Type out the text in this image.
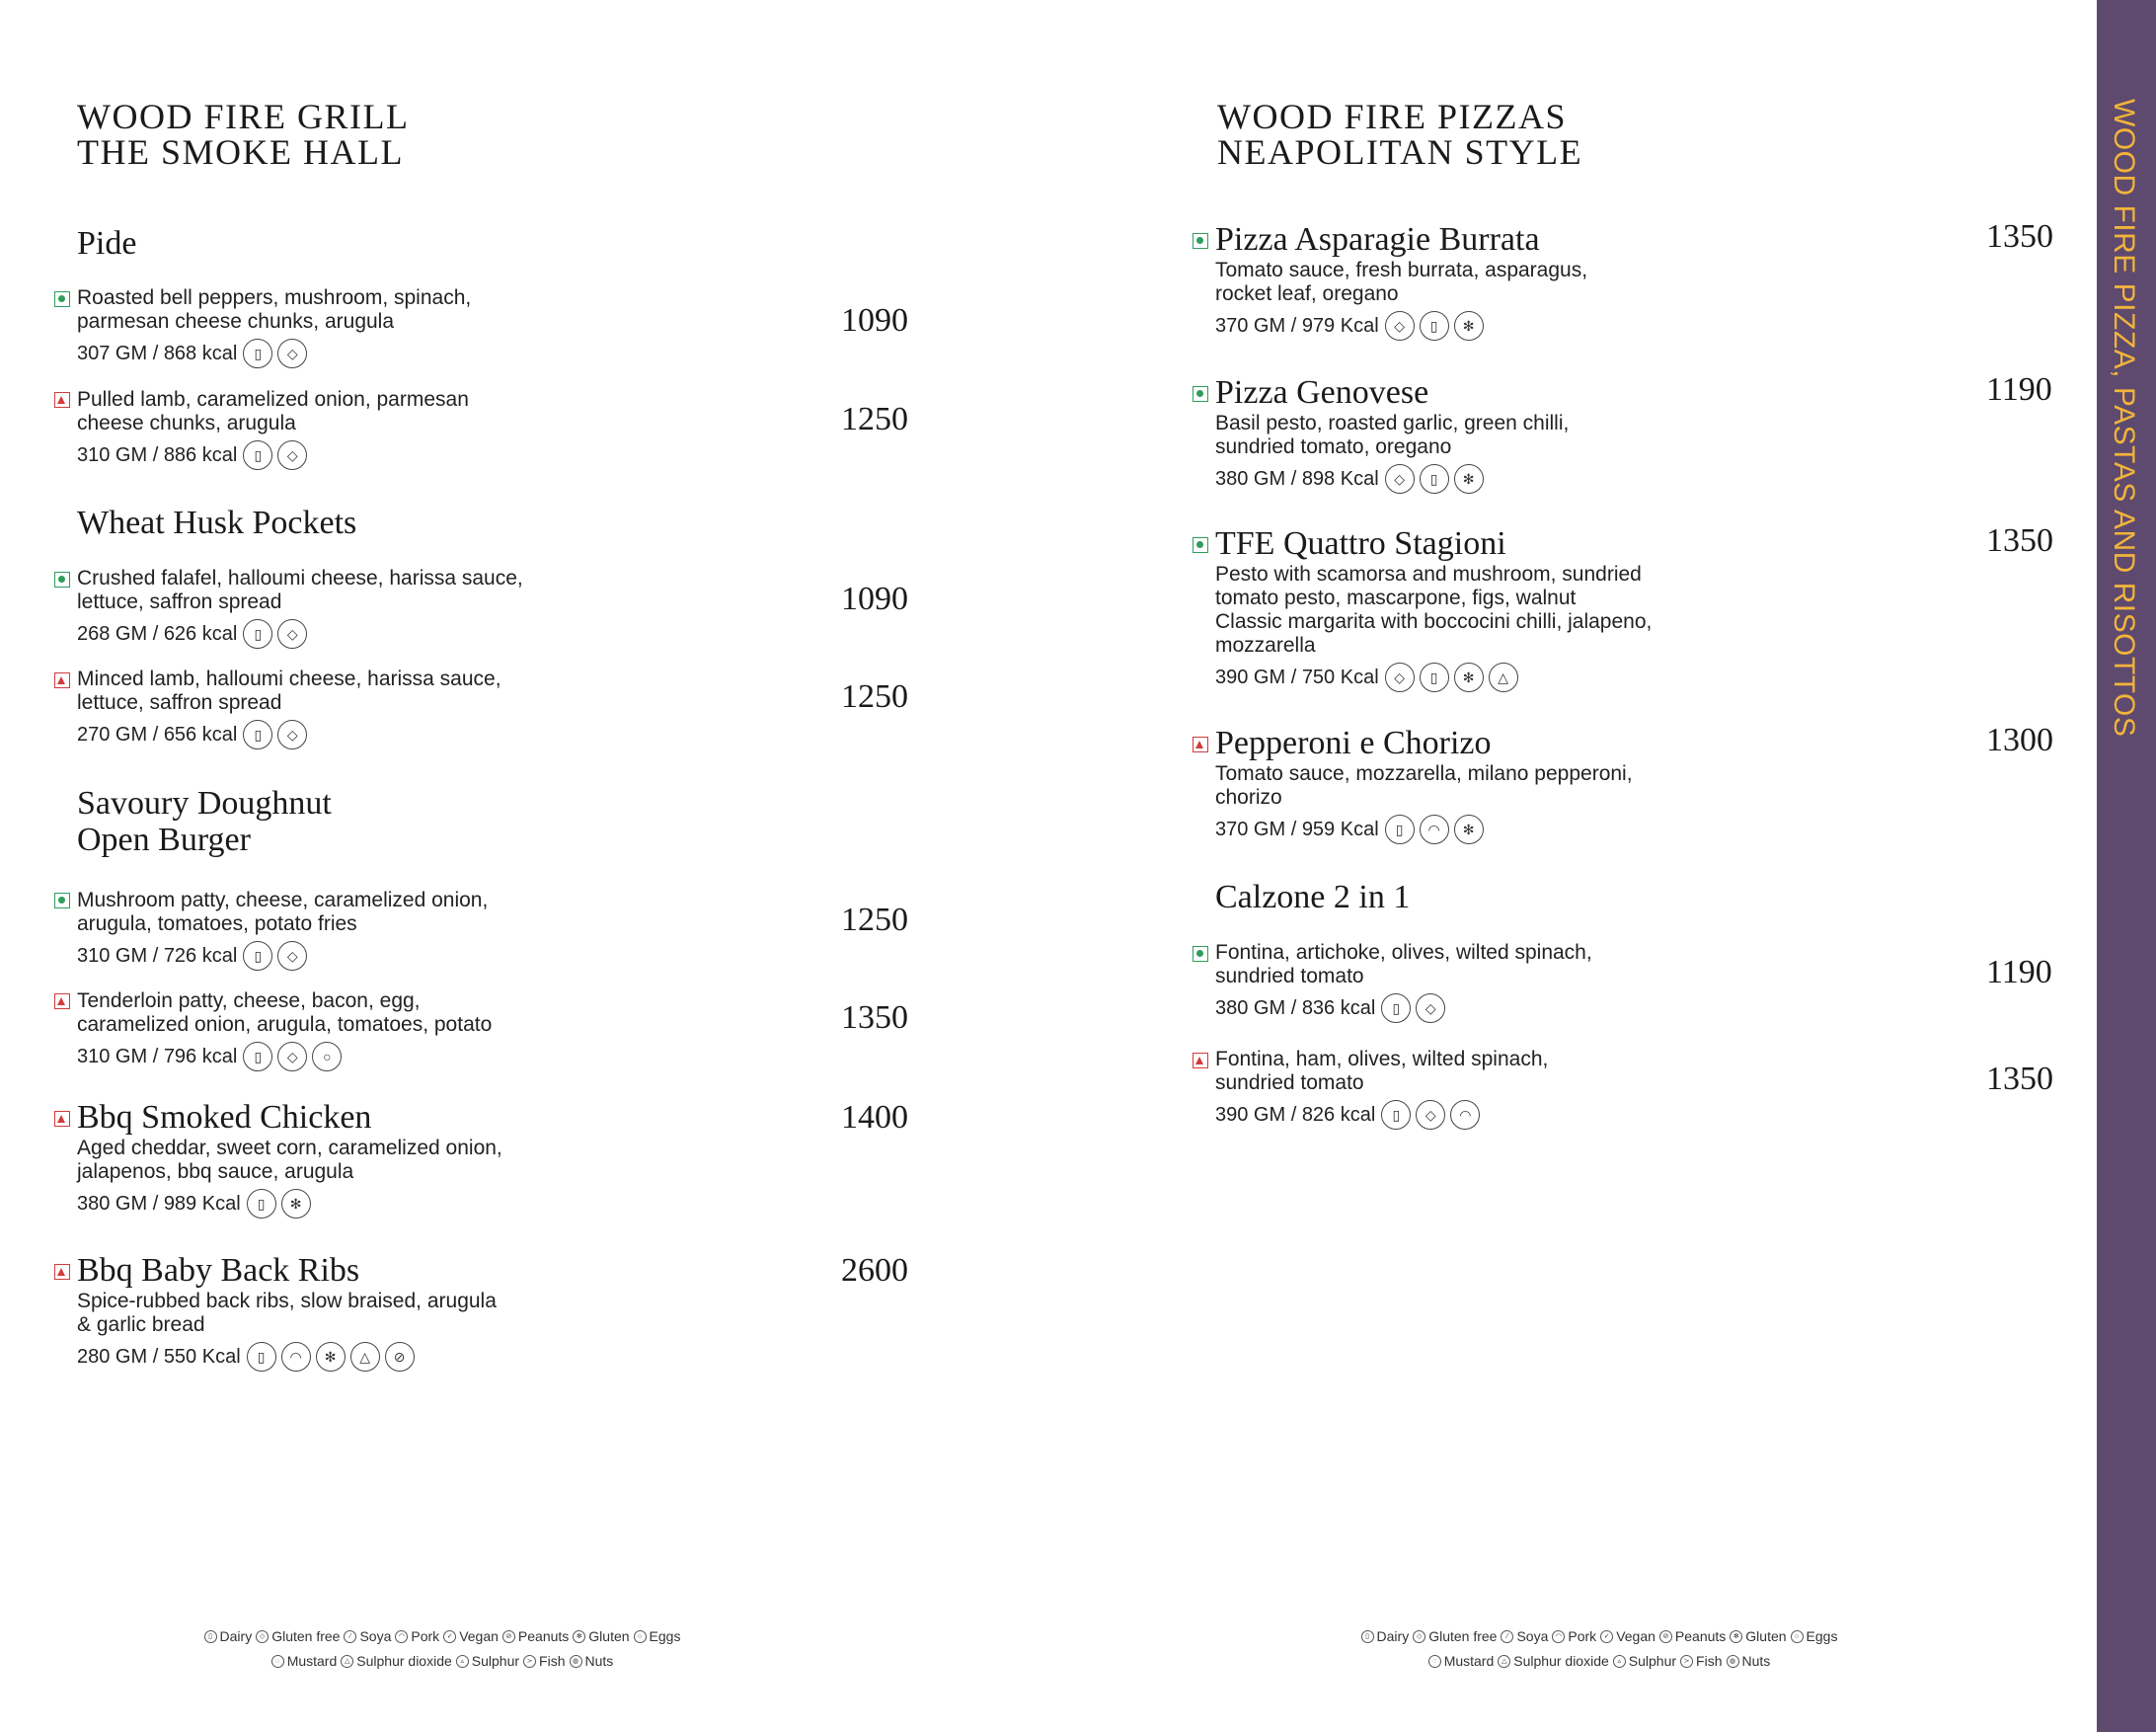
WOOD FIRE GRILL
THE SMOKE HALL
Pide
Roasted bell peppers, mushroom, spinach,
parmesan cheese chunks, arugula
307 GM / 868 kcal	▯	◇
1090
Pulled lamb, caramelized onion, parmesan
cheese chunks, arugula
310 GM / 886 kcal	▯	◇
1250
Wheat Husk Pockets
Crushed falafel, halloumi cheese, harissa sauce,
lettuce, saffron spread
268 GM / 626 kcal	▯	◇
1090
Minced lamb, halloumi cheese, harissa sauce,
lettuce, saffron spread
270 GM / 656 kcal	▯	◇
1250
Savoury Doughnut
Open Burger
Mushroom patty, cheese, caramelized onion,
arugula, tomatoes, potato fries
310 GM / 726 kcal	▯	◇
1250
Tenderloin patty, cheese, bacon, egg,
caramelized onion, arugula, tomatoes, potato
310 GM / 796 kcal	▯	◇	○
1350
Bbq Smoked Chicken
Aged cheddar, sweet corn, caramelized onion,
jalapenos, bbq sauce, arugula
380 GM / 989 Kcal	▯	✻
1400
Bbq Baby Back Ribs
Spice-rubbed back ribs, slow braised, arugula
& garlic bread
280 GM / 550 Kcal	▯	◠	✻	△	⊘
2600
▯ Dairy	◇ Gluten free	⁄ Soya	◠ Pork	✓ Vegan	⊘ Peanuts	✻ Gluten	○ Eggs
◌ Mustard	△ Sulphur dioxide	▵ Sulphur	≻ Fish	◍ Nuts
WOOD FIRE PIZZAS
NEAPOLITAN STYLE
Pizza Asparagie Burrata
Tomato sauce, fresh burrata, asparagus,
rocket leaf, oregano
370 GM / 979 Kcal	◇	▯	✻
1350
Pizza Genovese
Basil pesto, roasted garlic, green chilli,
sundried tomato, oregano
380 GM / 898 Kcal	◇	▯	✻
1190
TFE Quattro Stagioni
Pesto with scamorsa and mushroom, sundried
tomato pesto, mascarpone, figs, walnut
Classic margarita with boccocini chilli, jalapeno,
mozzarella
390 GM / 750 Kcal	◇	▯	✻	△
1350
Pepperoni e Chorizo
Tomato sauce, mozzarella, milano pepperoni,
chorizo
370 GM / 959 Kcal	▯	◠	✻
1300
Calzone 2 in 1
Fontina, artichoke, olives, wilted spinach,
sundried tomato
380 GM / 836 kcal	▯	◇
1190
Fontina, ham, olives, wilted spinach,
sundried tomato
390 GM / 826 kcal	▯	◇	◠
1350
▯ Dairy	◇ Gluten free	⁄ Soya	◠ Pork	✓ Vegan	⊘ Peanuts	✻ Gluten	○ Eggs
◌ Mustard	△ Sulphur dioxide	▵ Sulphur	≻ Fish	◍ Nuts
WOOD FIRE PIZZA, PASTAS AND RISOTTOS
